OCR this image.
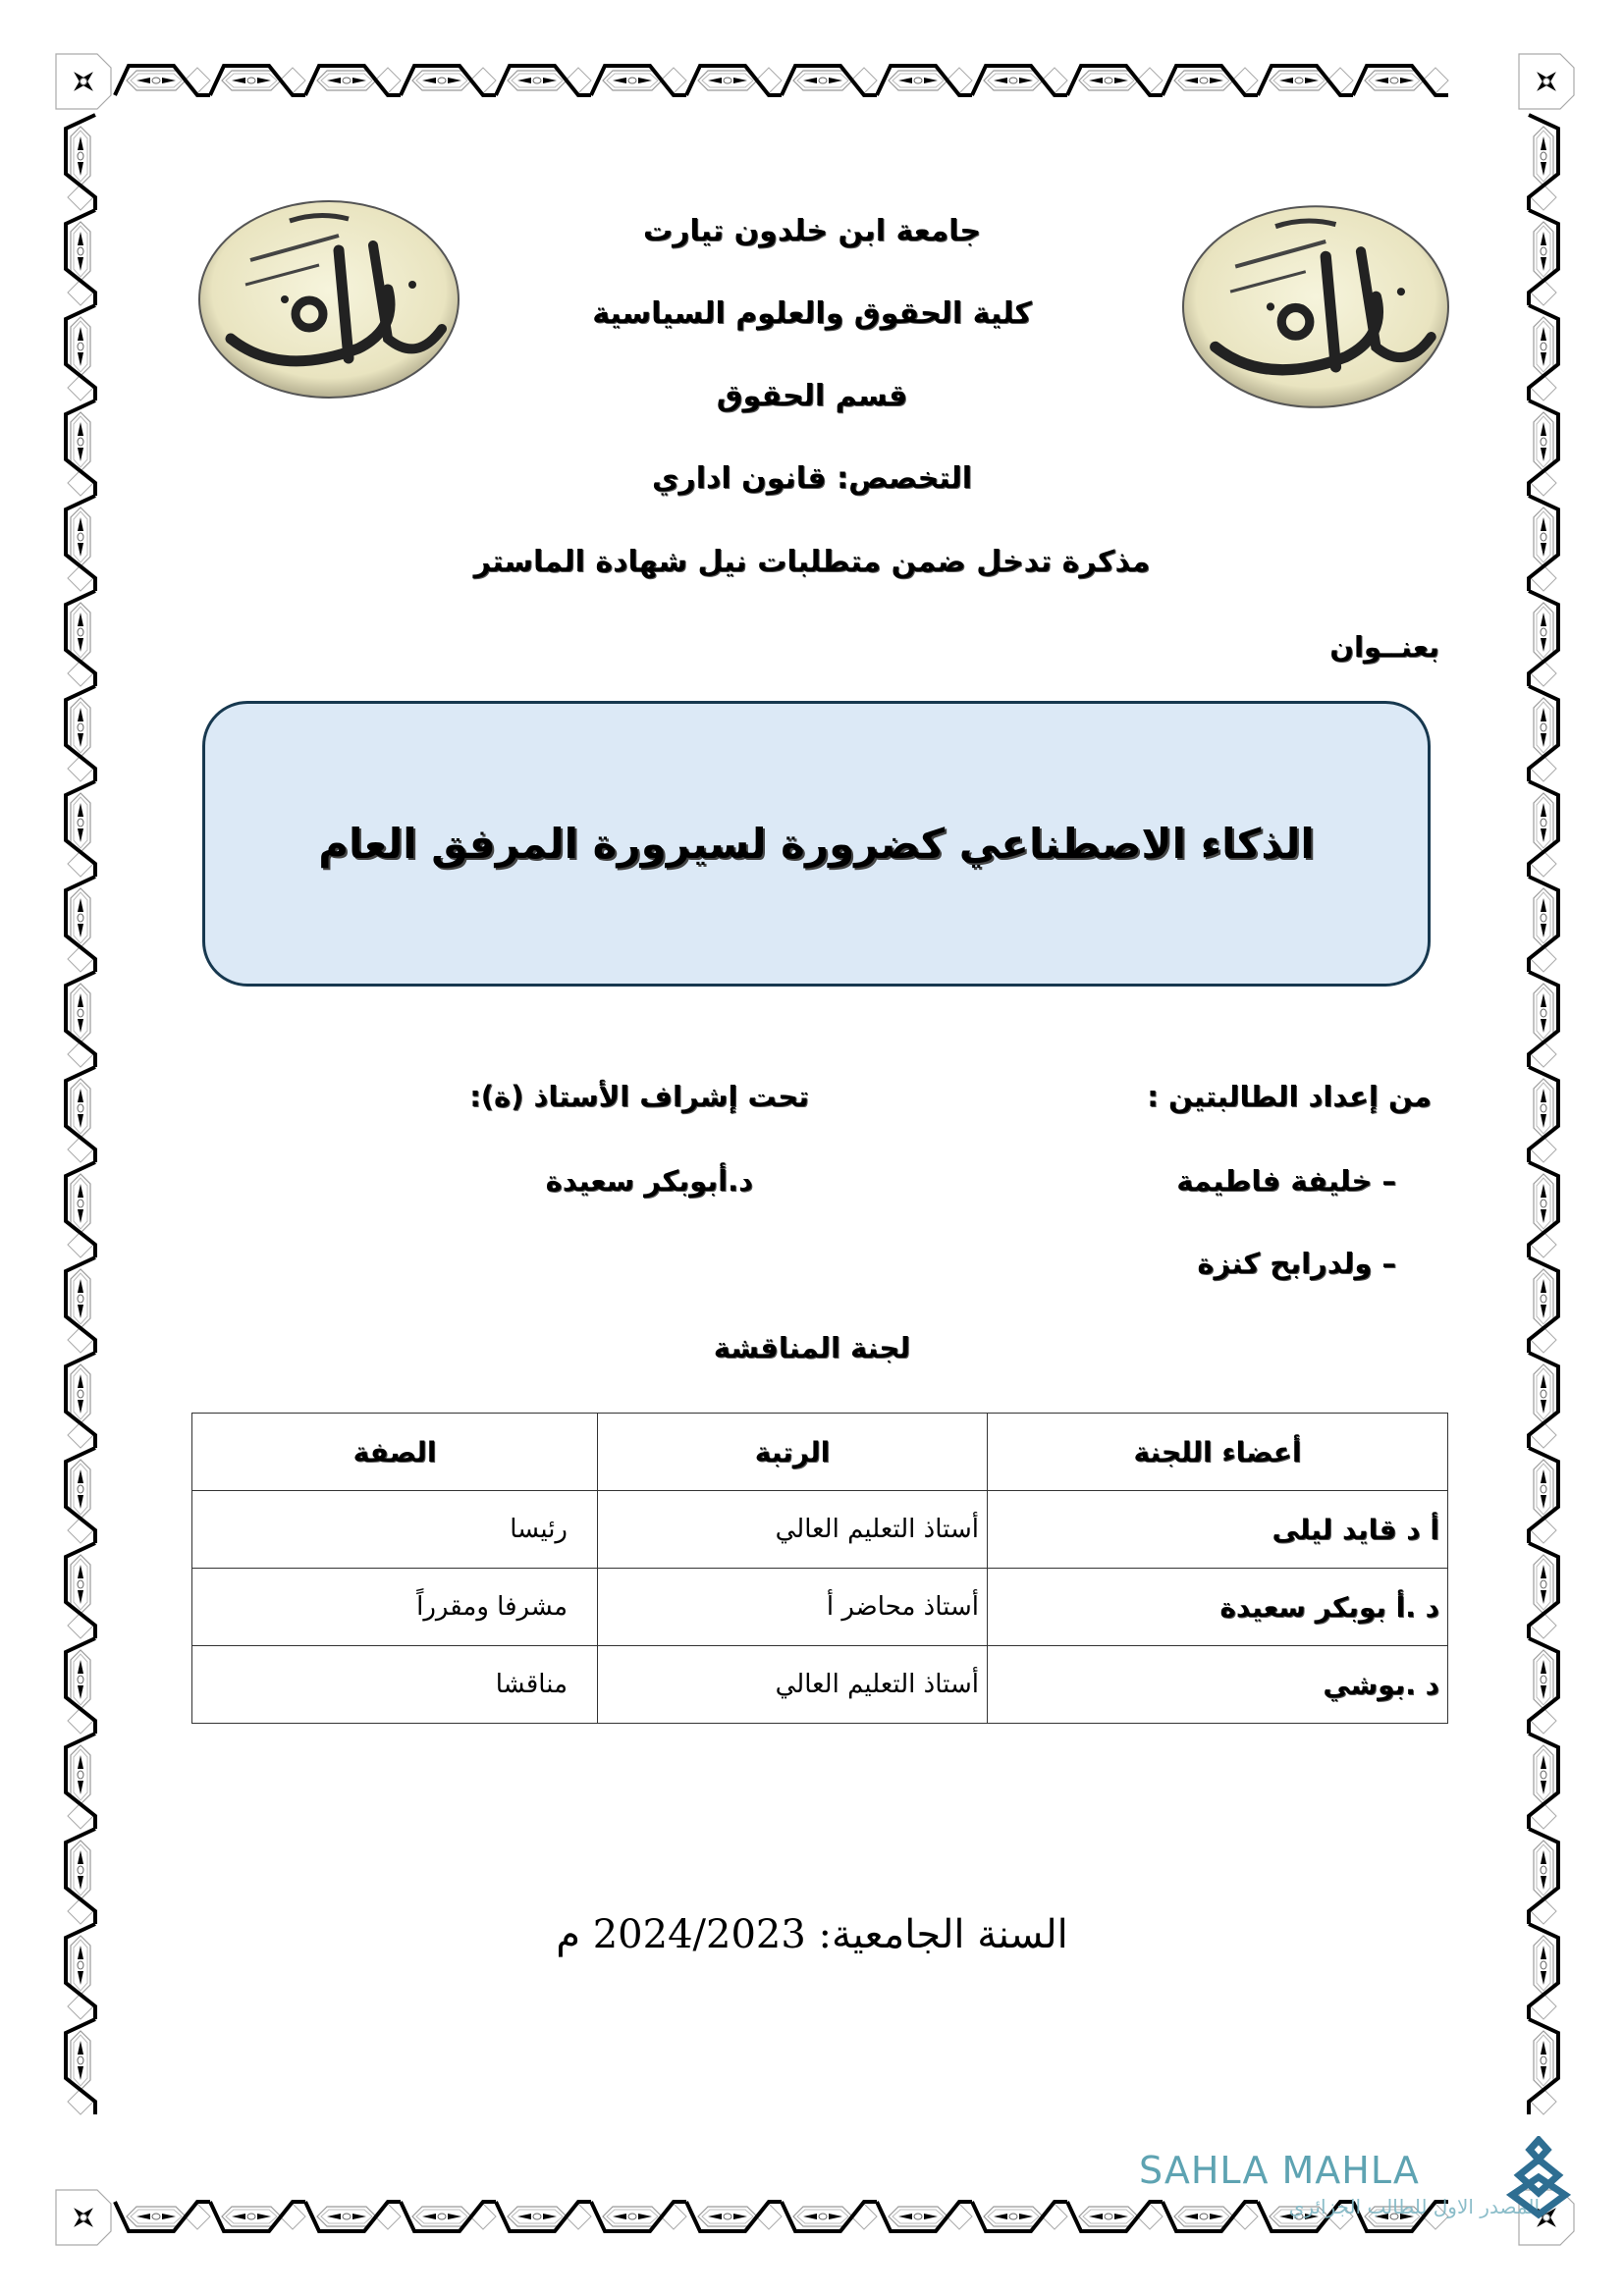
جامعة ابن خلدون تيارت
كلية الحقوق والعلوم السياسية
قسم الحقوق
التخصص: قانون اداري
مذكرة تدخل ضمن متطلبات نيل شهادة الماستر
بعنــوان
الذكاء الاصطناعي كضرورة لسيرورة المرفق العام
من إعداد الطالبتين :
– خليفة فاطيمة
– ولدرابح كنزة
تحت إشراف الأستاذ (ة):
د.أبوبكر سعيدة
لجنة المناقشة
أعضاء اللجنة	الرتبة	الصفة
أ د قايد ليلى	أستاذ التعليم العالي	رئيسا
د .أ بوبكر سعيدة	أستاذ محاضر أ	مشرفا ومقرراً
د .بوشي	أستاذ التعليم العالي	مناقشا
السنة الجامعية: 2024/2023 م
SAHLA MAHLA
المصدر الاول للطالب الجزائري
